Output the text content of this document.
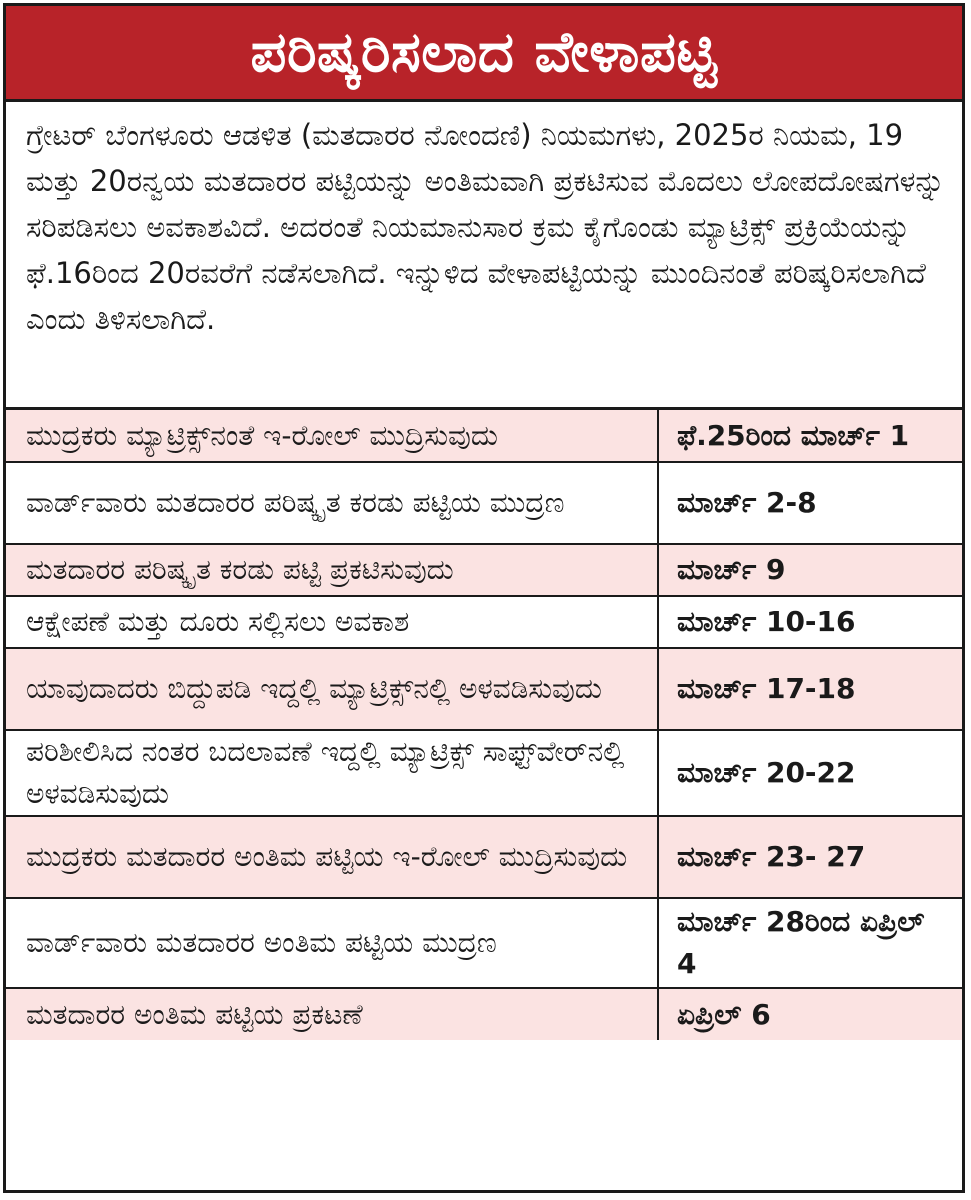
ಪರಿಷ್ಕರಿಸಲಾದ ವೇಳಾಪಟ್ಟಿ

ಗ್ರೇಟರ್ ಬೆಂಗಳೂರು ಆಡಳಿತ (ಮತದಾರರ ನೋಂದಣಿ) ನಿಯಮಗಳು, 2025ರ ನಿಯಮ, 19 ಮತ್ತು 20ರನ್ವಯ ಮತದಾರರ ಪಟ್ಟಿಯನ್ನು ಅಂತಿಮವಾಗಿ ಪ್ರಕಟಿಸುವ ಮೊದಲು ಲೋಪದೋಷಗಳನ್ನು ಸರಿಪಡಿಸಲು ಅವಕಾಶವಿದೆ. ಅದರಂತೆ ನಿಯಮಾನುಸಾರ ಕ್ರಮ ಕೈಗೊಂಡು ಮ್ಯಾಟ್ರಿಕ್ಸ್ ಪ್ರಕ್ರಿಯೆಯನ್ನು ಫೆ.16ರಿಂದ 20ರವರೆಗೆ ನಡೆಸಲಾಗಿದೆ. ಇನ್ನುಳಿದ ವೇಳಾಪಟ್ಟಿಯನ್ನು ಮುಂದಿನಂತೆ ಪರಿಷ್ಕರಿಸಲಾಗಿದೆ ಎಂದು ತಿಳಿಸಲಾಗಿದೆ.

ಮುದ್ರಕರು ಮ್ಯಾಟ್ರಿಕ್ಸ್‌ನಂತೆ ಇ-ರೋಲ್ ಮುದ್ರಿಸುವುದು	ಫೆ.25ರಿಂದ ಮಾರ್ಚ್ 1
ವಾರ್ಡ್‌ವಾರು ಮತದಾರರ ಪರಿಷ್ಕೃತ ಕರಡು ಪಟ್ಟಿಯ ಮುದ್ರಣ	ಮಾರ್ಚ್ 2-8
ಮತದಾರರ ಪರಿಷ್ಕೃತ ಕರಡು ಪಟ್ಟಿ ಪ್ರಕಟಿಸುವುದು	ಮಾರ್ಚ್ 9
ಆಕ್ಷೇಪಣೆ ಮತ್ತು ದೂರು ಸಲ್ಲಿಸಲು ಅವಕಾಶ	ಮಾರ್ಚ್ 10-16
ಯಾವುದಾದರು ಬಿದ್ದುಪಡಿ ಇದ್ದಲ್ಲಿ ಮ್ಯಾಟ್ರಿಕ್ಸ್‌ನಲ್ಲಿ ಅಳವಡಿಸುವುದು	ಮಾರ್ಚ್ 17-18
ಪರಿಶೀಲಿಸಿದ ನಂತರ ಬದಲಾವಣೆ ಇದ್ದಲ್ಲಿ ಮ್ಯಾಟ್ರಿಕ್ಸ್ ಸಾಫ್ಟ್‌ವೇರ್‌ನಲ್ಲಿ ಅಳವಡಿಸುವುದು	ಮಾರ್ಚ್ 20-22
ಮುದ್ರಕರು ಮತದಾರರ ಅಂತಿಮ ಪಟ್ಟಿಯ ಇ-ರೋಲ್ ಮುದ್ರಿಸುವುದು	ಮಾರ್ಚ್ 23- 27
ವಾರ್ಡ್‌ವಾರು ಮತದಾರರ ಅಂತಿಮ ಪಟ್ಟಿಯ ಮುದ್ರಣ	ಮಾರ್ಚ್ 28ರಿಂದ ಏಪ್ರಿಲ್ 4
ಮತದಾರರ ಅಂತಿಮ ಪಟ್ಟಿಯ ಪ್ರಕಟಣೆ	ಏಪ್ರಿಲ್ 6
